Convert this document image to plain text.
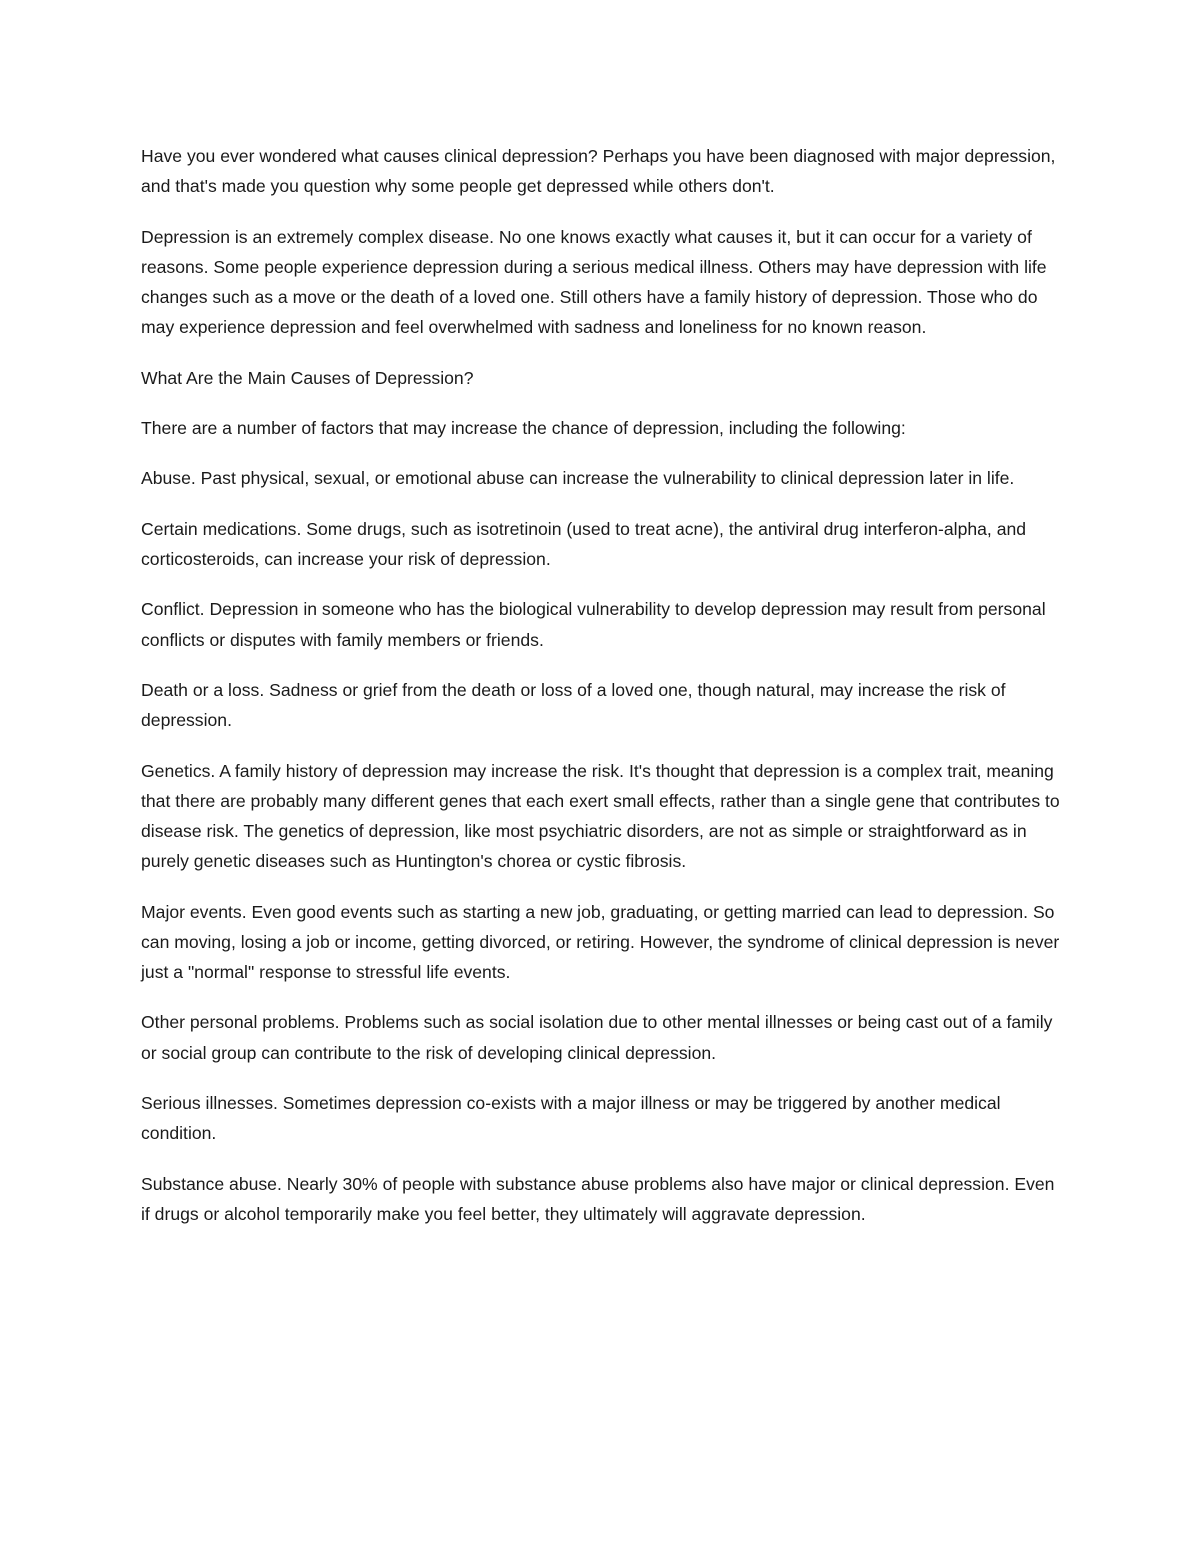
Have you ever wondered what causes clinical depression? Perhaps you have been diagnosed with major depression, and that's made you question why some people get depressed while others don't.

Depression is an extremely complex disease. No one knows exactly what causes it, but it can occur for a variety of reasons. Some people experience depression during a serious medical illness. Others may have depression with life changes such as a move or the death of a loved one. Still others have a family history of depression. Those who do may experience depression and feel overwhelmed with sadness and loneliness for no known reason.

What Are the Main Causes of Depression?

There are a number of factors that may increase the chance of depression, including the following:

Abuse. Past physical, sexual, or emotional abuse can increase the vulnerability to clinical depression later in life.

Certain medications. Some drugs, such as isotretinoin (used to treat acne), the antiviral drug interferon-alpha, and corticosteroids, can increase your risk of depression.

Conflict. Depression in someone who has the biological vulnerability to develop depression may result from personal conflicts or disputes with family members or friends.

Death or a loss. Sadness or grief from the death or loss of a loved one, though natural, may increase the risk of depression.

Genetics. A family history of depression may increase the risk. It's thought that depression is a complex trait, meaning that there are probably many different genes that each exert small effects, rather than a single gene that contributes to disease risk. The genetics of depression, like most psychiatric disorders, are not as simple or straightforward as in purely genetic diseases such as Huntington's chorea or cystic fibrosis.

Major events. Even good events such as starting a new job, graduating, or getting married can lead to depression. So can moving, losing a job or income, getting divorced, or retiring. However, the syndrome of clinical depression is never just a "normal" response to stressful life events.

Other personal problems. Problems such as social isolation due to other mental illnesses or being cast out of a family or social group can contribute to the risk of developing clinical depression.

Serious illnesses. Sometimes depression co-exists with a major illness or may be triggered by another medical condition.

Substance abuse. Nearly 30% of people with substance abuse problems also have major or clinical depression. Even if drugs or alcohol temporarily make you feel better, they ultimately will aggravate depression.
